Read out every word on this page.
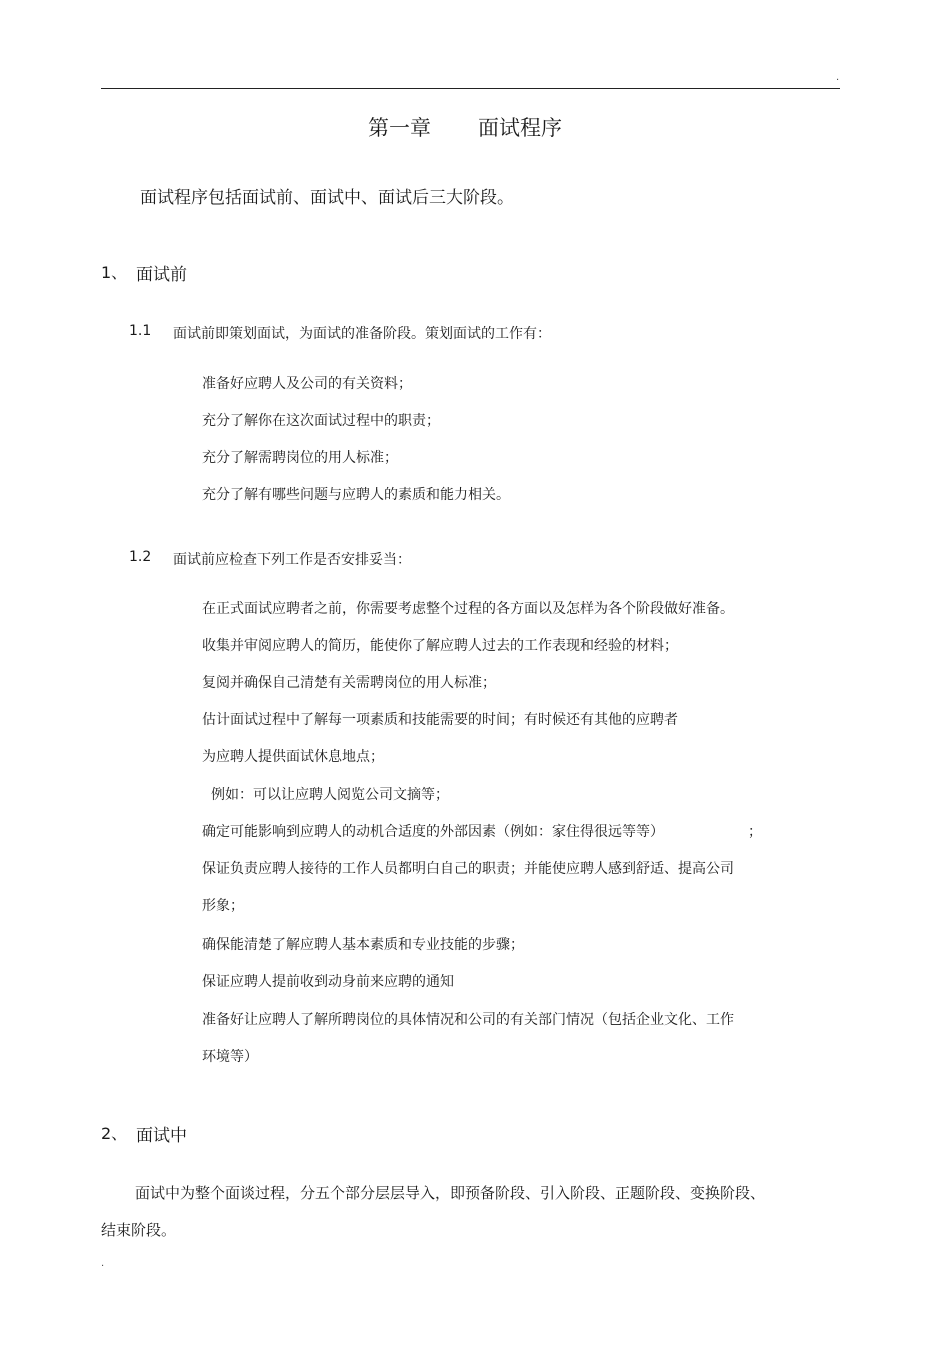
.
第一章 面试程序
面试程序包括面试前、面试中、面试后三大阶段。
1、 面试前
1.1 面试前即策划面试，为面试的准备阶段。策划面试的工作有：
准备好应聘人及公司的有关资料；
充分了解你在这次面试过程中的职责；
充分了解需聘岗位的用人标准；
充分了解有哪些问题与应聘人的素质和能力相关。
1.2 面试前应检查下列工作是否安排妥当：
在正式面试应聘者之前，你需要考虑整个过程的各方面以及怎样为各个阶段做好准备。
收集并审阅应聘人的简历，能使你了解应聘人过去的工作表现和经验的材料；
复阅并确保自己清楚有关需聘岗位的用人标准；
估计面试过程中了解每一项素质和技能需要的时间；有时候还有其他的应聘者
为应聘人提供面试休息地点；
例如：可以让应聘人阅览公司文摘等；
确定可能影响到应聘人的动机合适度的外部因素（例如：家住得很远等等）	；
保证负责应聘人接待的工作人员都明白自己的职责；并能使应聘人感到舒适、提高公司
形象；
确保能清楚了解应聘人基本素质和专业技能的步骤；
保证应聘人提前收到动身前来应聘的通知
准备好让应聘人了解所聘岗位的具体情况和公司的有关部门情况（包括企业文化、工作
环境等）
2、 面试中
面试中为整个面谈过程，分五个部分层层导入，即预备阶段、引入阶段、正题阶段、变换阶段、
结束阶段。
.
